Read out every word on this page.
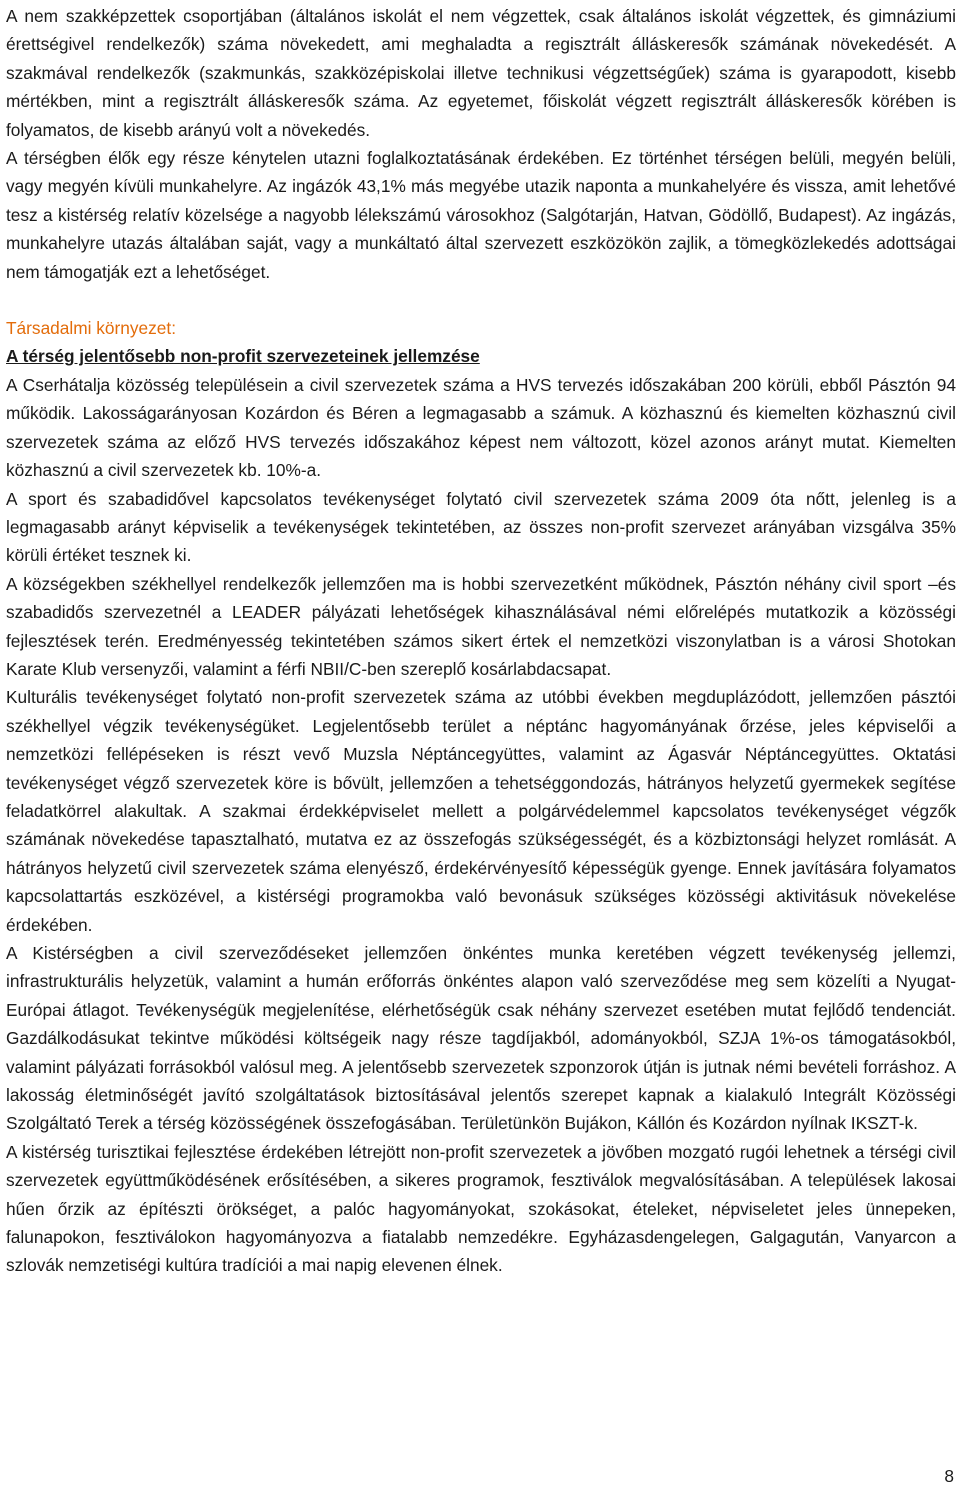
A nem szakképzettek csoportjában (általános iskolát el nem végzettek, csak általános iskolát végzettek, és gimnáziumi érettségivel rendelkezők) száma növekedett, ami meghaladta a regisztrált álláskeresők számának növekedését. A szakmával rendelkezők (szakmunkás, szakközépiskolai illetve technikusi végzettségűek) száma is gyarapodott, kisebb mértékben, mint a regisztrált álláskeresők száma. Az egyetemet, főiskolát végzett regisztrált álláskeresők körében is folyamatos, de kisebb arányú volt a növekedés.

A térségben élők egy része kénytelen utazni foglalkoztatásának érdekében. Ez történhet térségen belüli, megyén belüli, vagy megyén kívüli munkahelyre. Az ingázók 43,1% más megyébe utazik naponta a munkahelyére és vissza, amit lehetővé tesz a kistérség relatív közelsége a nagyobb lélekszámú városokhoz (Salgótarján, Hatvan, Gödöllő, Budapest). Az ingázás, munkahelyre utazás általában saját, vagy a munkáltató által szervezett eszközökön zajlik, a tömegközlekedés adottságai nem támogatják ezt a lehetőséget.

Társadalmi környezet:
A térség jelentősebb non-profit szervezeteinek jellemzése

A Cserhátalja közösség településein a civil szervezetek száma a HVS tervezés időszakában 200 körüli, ebből Pásztón 94 működik. Lakosságarányosan Kozárdon és Béren a legmagasabb a számuk. A közhasznú és kiemelten közhasznú civil szervezetek száma az előző HVS tervezés időszakához képest nem változott, közel azonos arányt mutat. Kiemelten közhasznú a civil szervezetek kb. 10%-a.

A sport és szabadidővel kapcsolatos tevékenységet folytató civil szervezetek száma 2009 óta nőtt, jelenleg is a legmagasabb arányt képviselik a tevékenységek tekintetében, az összes non-profit szervezet arányában vizsgálva 35% körüli értéket tesznek ki.

A községekben székhellyel rendelkezők jellemzően ma is hobbi szervezetként működnek, Pásztón néhány civil sport –és szabadidős szervezetnél a LEADER pályázati lehetőségek kihasználásával némi előrelépés mutatkozik a közösségi fejlesztések terén. Eredményesség tekintetében számos sikert értek el nemzetközi viszonylatban is a városi Shotokan Karate Klub versenyzői, valamint a férfi NBII/C-ben szereplő kosárlabdacsapat.

Kulturális tevékenységet folytató non-profit szervezetek száma az utóbbi években megduplázódott, jellemzően pásztói székhellyel végzik tevékenységüket. Legjelentősebb terület a néptánc hagyományának őrzése, jeles képviselői a nemzetközi fellépéseken is részt vevő Muzsla Néptáncegyüttes, valamint az Ágasvár Néptáncegyüttes. Oktatási tevékenységet végző szervezetek köre is bővült, jellemzően a tehetséggondozás, hátrányos helyzetű gyermekek segítése feladatkörrel alakultak. A szakmai érdekképviselet mellett a polgárvédelemmel kapcsolatos tevékenységet végzők számának növekedése tapasztalható, mutatva ez az összefogás szükségességét, és a közbiztonsági helyzet romlását. A hátrányos helyzetű civil szervezetek száma elenyésző, érdekérvényesítő képességük gyenge. Ennek javítására folyamatos kapcsolattartás eszközével, a kistérségi programokba való bevonásuk szükséges közösségi aktivitásuk növekelése érdekében.

A Kistérségben a civil szerveződéseket jellemzően önkéntes munka keretében végzett tevékenység jellemzi, infrastrukturális helyzetük, valamint a humán erőforrás önkéntes alapon való szerveződése meg sem közelíti a Nyugat-Európai átlagot. Tevékenységük megjelenítése, elérhetőségük csak néhány szervezet esetében mutat fejlődő tendenciát. Gazdálkodásukat tekintve működési költségeik nagy része tagdíjakból, adományokból, SZJA 1%-os támogatásokból, valamint pályázati forrásokból valósul meg. A jelentősebb szervezetek szponzorok útján is jutnak némi bevételi forráshoz. A lakosság életminőségét javító szolgáltatások biztosításával jelentős szerepet kapnak a kialakuló Integrált Közösségi Szolgáltató Terek a térség közösségének összefogásában. Területünkön Bujákon, Kállón és Kozárdon nyílnak IKSZT-k.

A kistérség turisztikai fejlesztése érdekében létrejött non-profit szervezetek a jövőben mozgató rugói lehetnek a térségi civil szervezetek együttműködésének erősítésében, a sikeres programok, fesztiválok megvalósításában. A települések lakosai hűen őrzik az építészti örökséget, a palóc hagyományokat, szokásokat, ételeket, népviseletet jeles ünnepeken, falunapokon, fesztiválokon hagyományozva a fiatalabb nemzedékre. Egyházasdengelegen, Galgagután, Vanyarcon a szlovák nemzetiségi kultúra tradíciói a mai napig elevenen élnek.

8
